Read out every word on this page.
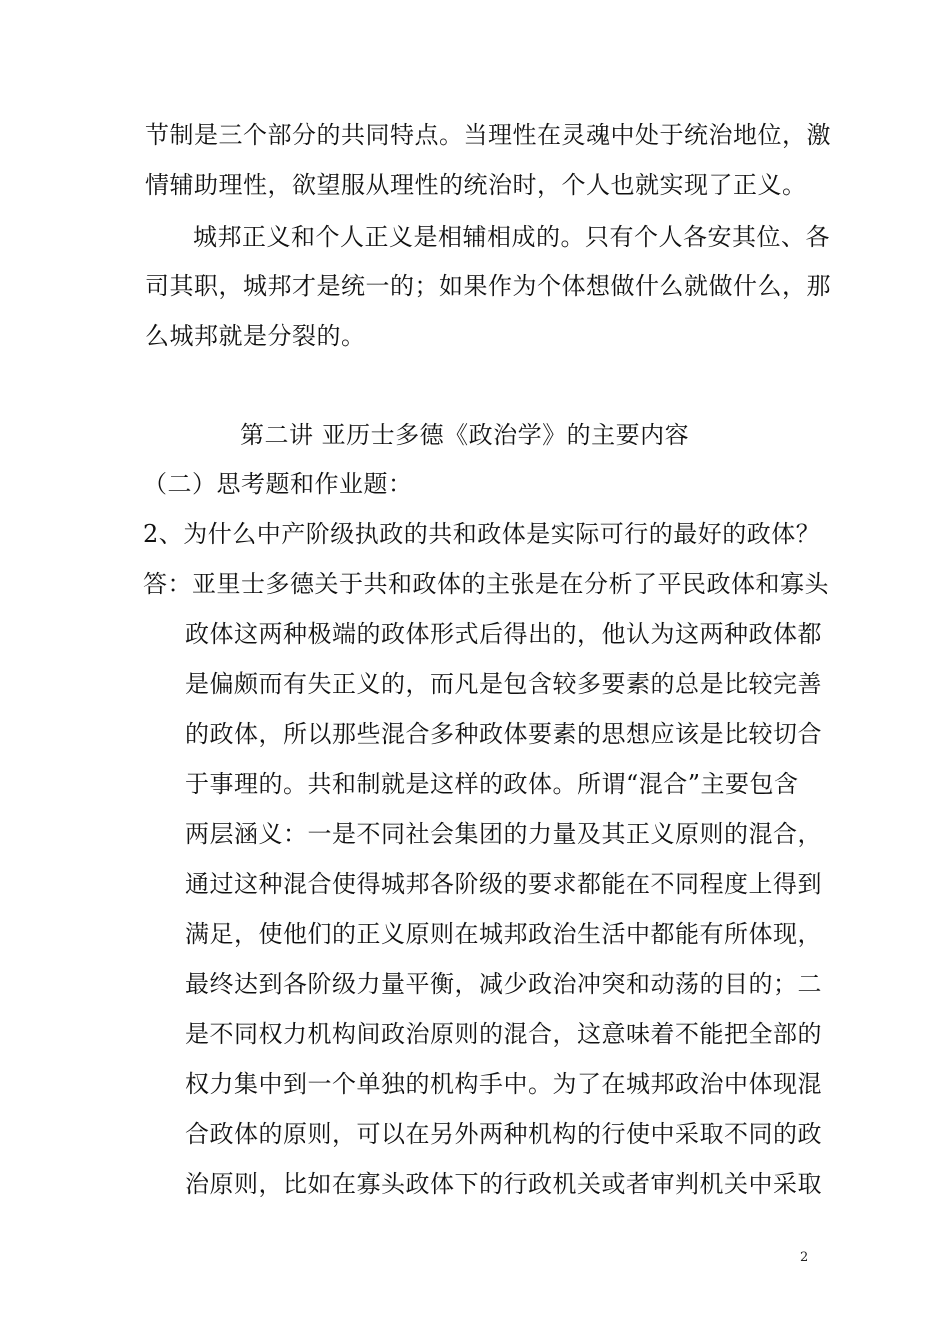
节制是三个部分的共同特点。当理性在灵魂中处于统治地位，激
情辅助理性，欲望服从理性的统治时，个人也就实现了正义。
城邦正义和个人正义是相辅相成的。只有个人各安其位、各
司其职，城邦才是统一的；如果作为个体想做什么就做什么，那
么城邦就是分裂的。
第二讲 亚历士多德《政治学》的主要内容
（二）思考题和作业题：
2、为什么中产阶级执政的共和政体是实际可行的最好的政体？
答：亚里士多德关于共和政体的主张是在分析了平民政体和寡头
政体这两种极端的政体形式后得出的，他认为这两种政体都
是偏颇而有失正义的，而凡是包含较多要素的总是比较完善
的政体，所以那些混合多种政体要素的思想应该是比较切合
于事理的。共和制就是这样的政体。所谓“混合”主要包含
两层涵义：一是不同社会集团的力量及其正义原则的混合，
通过这种混合使得城邦各阶级的要求都能在不同程度上得到
满足，使他们的正义原则在城邦政治生活中都能有所体现，
最终达到各阶级力量平衡，减少政治冲突和动荡的目的；二
是不同权力机构间政治原则的混合，这意味着不能把全部的
权力集中到一个单独的机构手中。为了在城邦政治中体现混
合政体的原则，可以在另外两种机构的行使中采取不同的政
治原则，比如在寡头政体下的行政机关或者审判机关中采取
2
